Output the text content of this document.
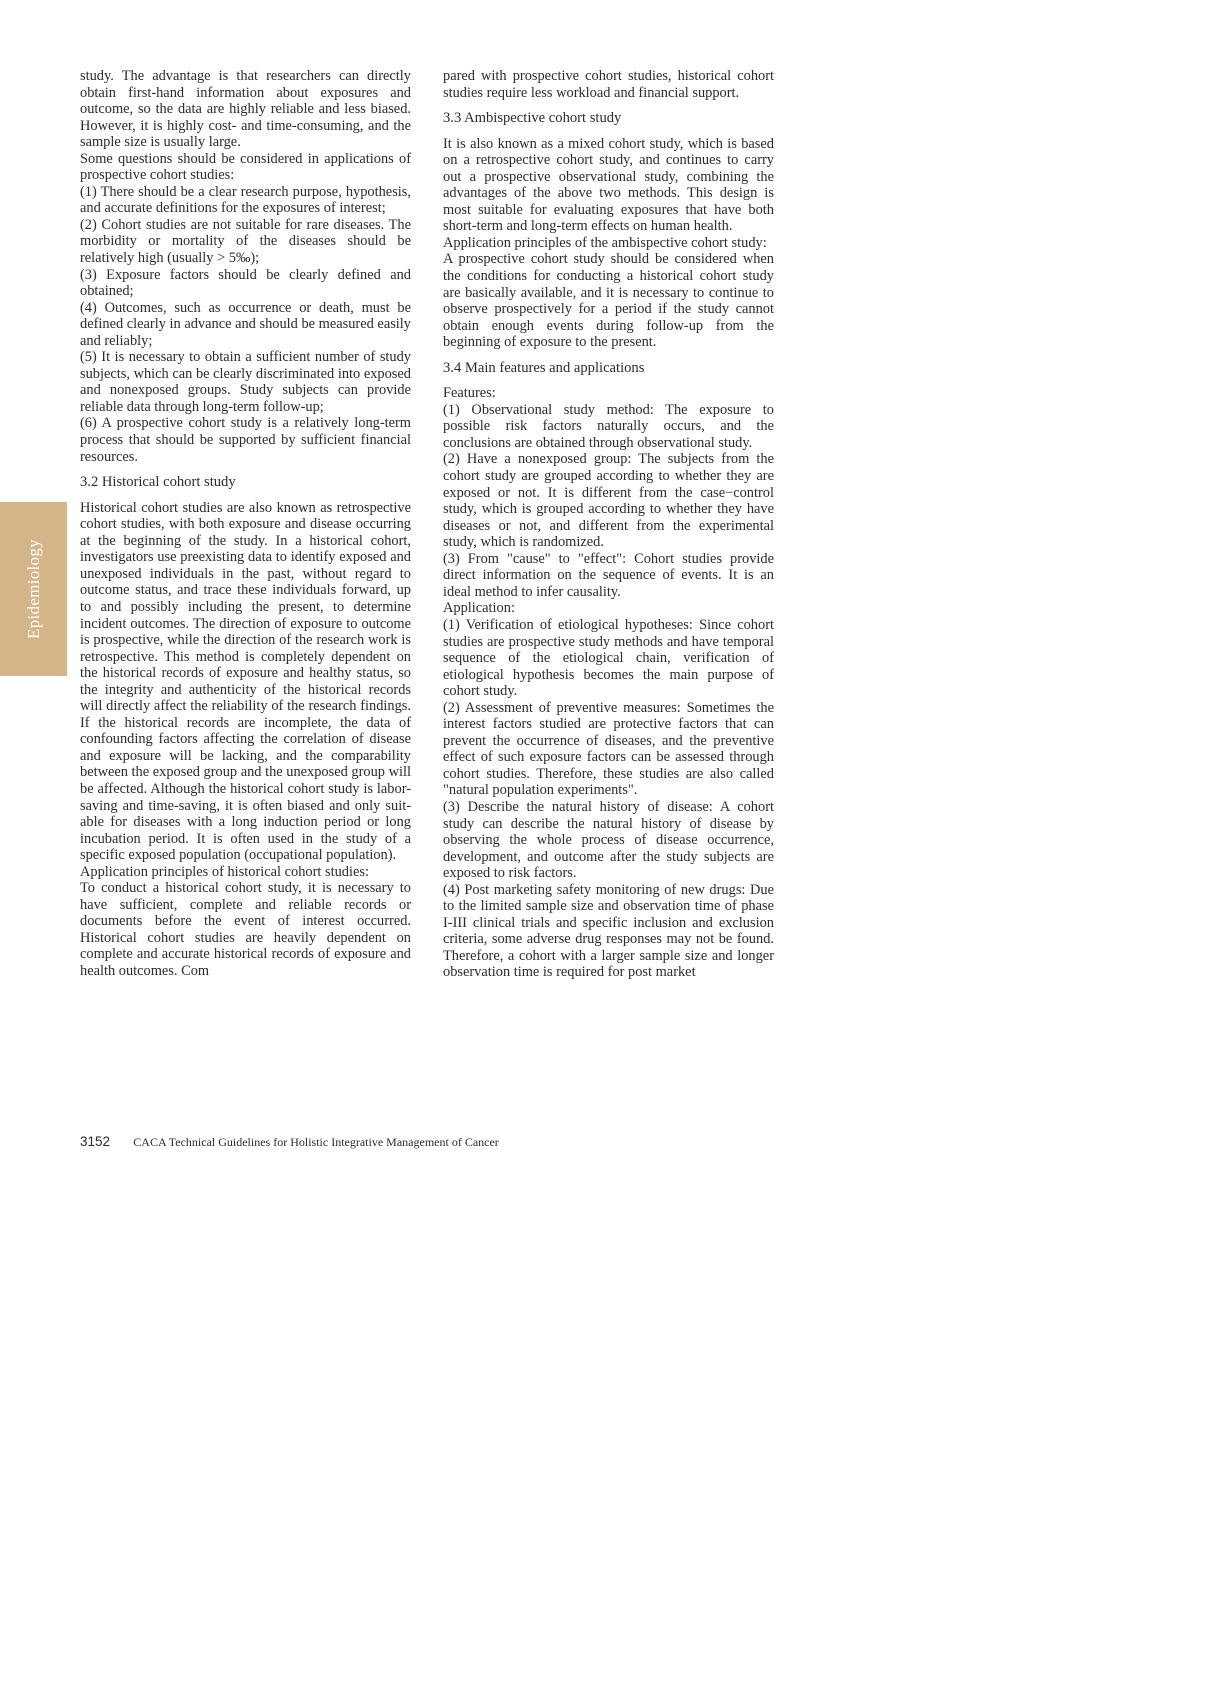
Epidemiology

study. The advantage is that researchers can directly obtain first-hand information about exposures and outcome, so the data are highly reliable and less biased. However, it is highly cost- and time-consuming, and the sample size is usually large.

Some questions should be considered in applications of prospective cohort studies:

(1) There should be a clear research purpose, hypothesis, and accurate definitions for the exposures of interest;

(2) Cohort studies are not suitable for rare diseases. The morbidity or mortality of the diseases should be relatively high (usually > 5‰);

(3) Exposure factors should be clearly defined and obtained;

(4) Outcomes, such as occurrence or death, must be defined clearly in advance and should be measured easily and reliably;

(5) It is necessary to obtain a sufficient number of study subjects, which can be clearly discriminated into exposed and nonexposed groups. Study subjects can provide reliable data through long-term follow-up;

(6) A prospective cohort study is a relatively long-term process that should be supported by sufficient financial resources.

3.2 Historical cohort study

Historical cohort studies are also known as retrospective cohort studies, with both exposure and disease occurring at the beginning of the study. In a historical cohort, investigators use preexisting data to identify exposed and unexposed individuals in the past, without regard to outcome status, and trace these individuals forward, up to and possibly including the present, to determine incident outcomes. The direction of exposure to outcome is prospective, while the direction of the research work is retrospective. This method is completely dependent on the historical records of exposure and healthy status, so the integrity and authenticity of the historical records will directly affect the reliability of the research findings. If the historical records are incomplete, the data of confounding factors affecting the correlation of disease and exposure will be lacking, and the comparability between the exposed group and the unexposed group will be affected. Although the historical cohort study is labor-saving and time-saving, it is often biased and only suitable for diseases with a long induction period or long incubation period. It is often used in the study of a specific exposed population (occupational population).

Application principles of historical cohort studies:

To conduct a historical cohort study, it is necessary to have sufficient, complete and reliable records or documents before the event of interest occurred. Historical cohort studies are heavily dependent on complete and accurate historical records of exposure and health outcomes. Com

pared with prospective cohort studies, historical cohort studies require less workload and financial support.

3.3 Ambispective cohort study

It is also known as a mixed cohort study, which is based on a retrospective cohort study, and continues to carry out a prospective observational study, combining the advantages of the above two methods. This design is most suitable for evaluating exposures that have both short-term and long-term effects on human health.

Application principles of the ambispective cohort study:

A prospective cohort study should be considered when the conditions for conducting a historical cohort study are basically available, and it is necessary to continue to observe prospectively for a period if the study cannot obtain enough events during follow-up from the beginning of exposure to the present.

3.4 Main features and applications

Features:

(1) Observational study method: The exposure to possible risk factors naturally occurs, and the conclusions are obtained through observational study.

(2) Have a nonexposed group: The subjects from the cohort study are grouped according to whether they are exposed or not. It is different from the case−control study, which is grouped according to whether they have diseases or not, and different from the experimental study, which is randomized.

(3) From "cause" to "effect": Cohort studies provide direct information on the sequence of events. It is an ideal method to infer causality.

Application:

(1) Verification of etiological hypotheses: Since cohort studies are prospective study methods and have temporal sequence of the etiological chain, verification of etiological hypothesis becomes the main purpose of cohort study.

(2) Assessment of preventive measures: Sometimes the interest factors studied are protective factors that can prevent the occurrence of diseases, and the preventive effect of such exposure factors can be assessed through cohort studies. Therefore, these studies are also called "natural population experiments".

(3) Describe the natural history of disease: A cohort study can describe the natural history of disease by observing the whole process of disease occurrence, development, and outcome after the study subjects are exposed to risk factors.

(4) Post marketing safety monitoring of new drugs: Due to the limited sample size and observation time of phase I-III clinical trials and specific inclusion and exclusion criteria, some adverse drug responses may not be found. Therefore, a cohort with a larger sample size and longer observation time is required for post market

3152 CACA Technical Guidelines for Holistic Integrative Management of Cancer
